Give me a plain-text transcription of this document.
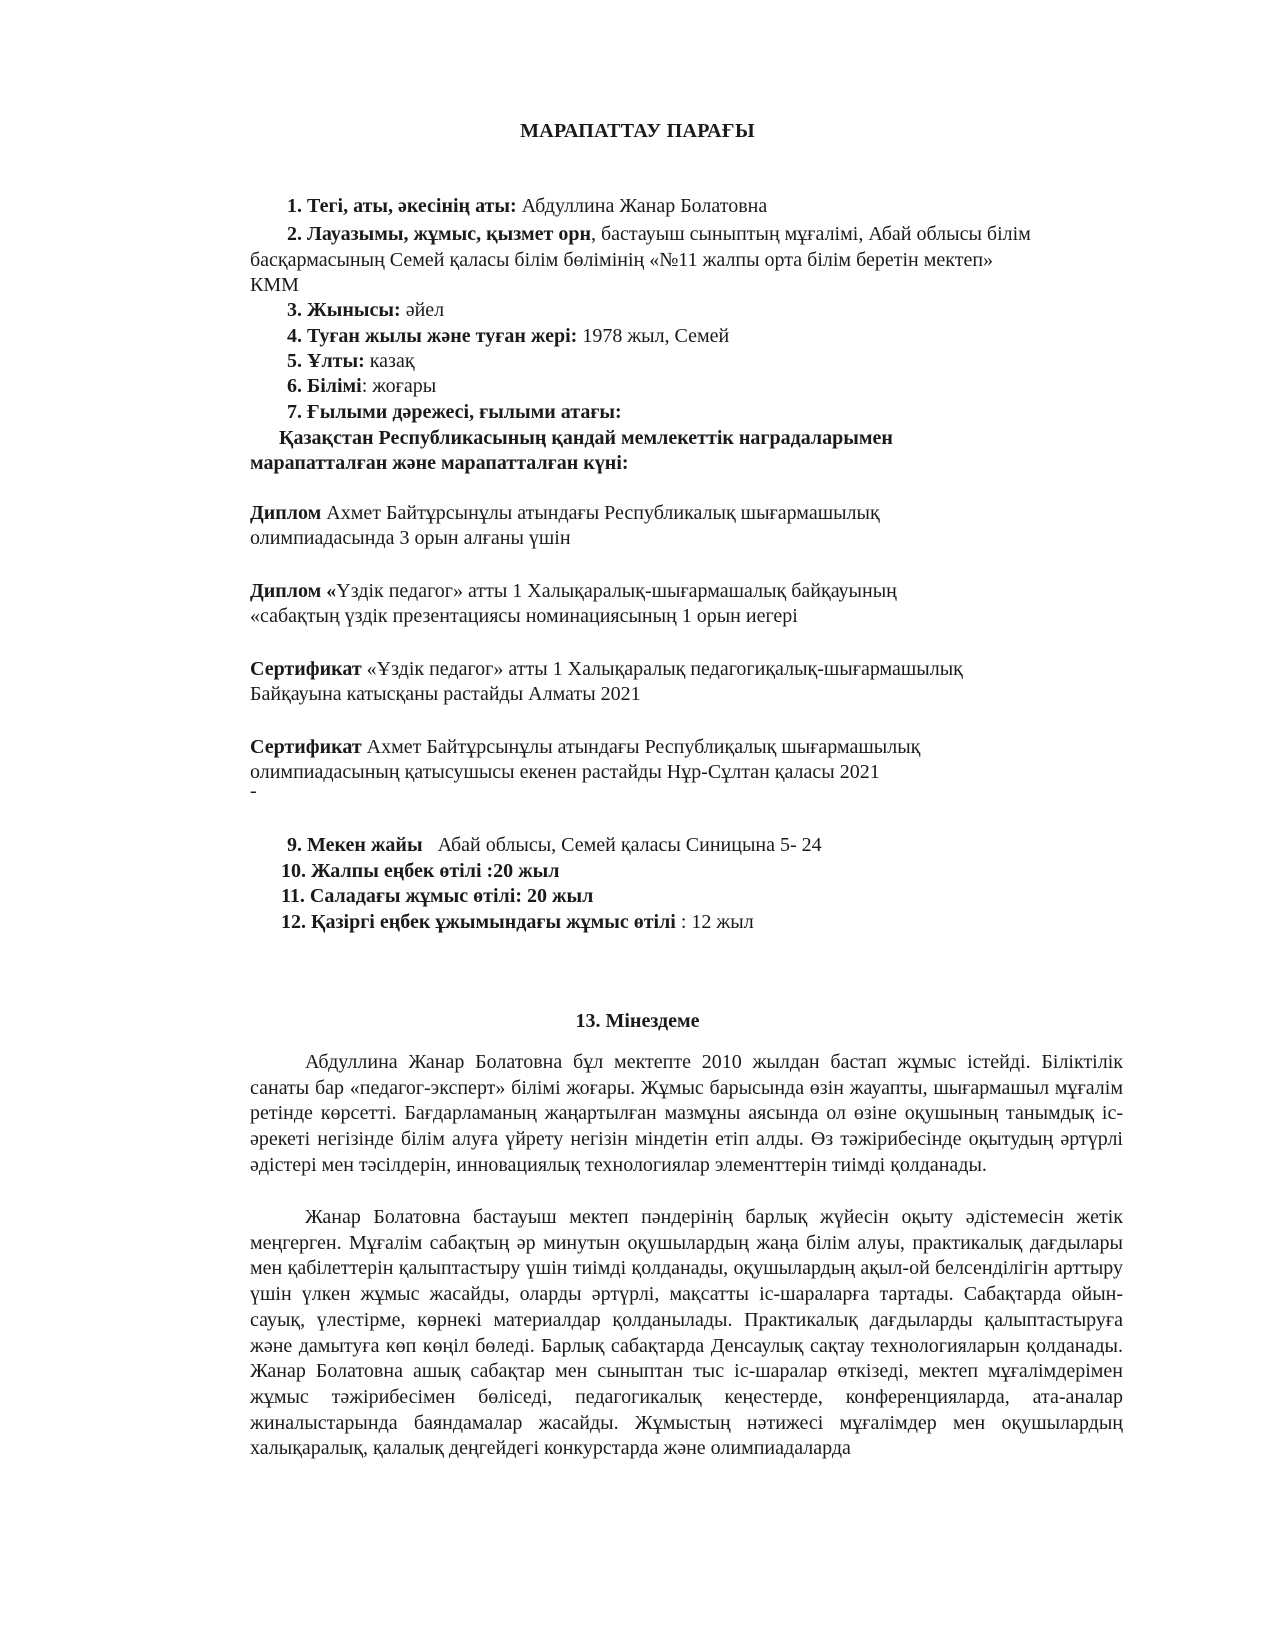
МАРАПАТТАУ ПАРАҒЫ
1. Тегі, аты, әкесінің аты: Абдуллина Жанар Болатовна
2. Лауазымы, жұмыс, қызмет орн, бастауыш сыныптың мұғалімі, Абай облысы білім
басқармасының Семей қаласы білім бөлімінің «№11 жалпы орта білім беретін мектеп»
КММ
3. Жынысы: әйел
4. Туған жылы және туған жері: 1978 жыл, Семей
5. Ұлты: казақ
6. Білімі: жоғары
7. Ғылыми дәрежесі, ғылыми атағы:
Қазақстан Республикасының қандай мемлекеттік наградаларымен
марапатталған және марапатталған күні:
Диплом Ахмет Байтұрсынұлы атындағы Республикалық шығармашылық
олимпиадасында 3 орын алғаны үшін
Диплом «Үздік педагог» атты 1 Халықаралық-шығармашалық байқауының
«сабақтың үздік презентациясы номинациясының 1 орын иегері
Сертификат «Ұздік педагог» атты 1 Халықаралық педагогиқалық-шығармашылық
Байқауына катысқаны растайды Алматы 2021
Сертификат Ахмет Байтұрсынұлы атындағы Республиқалық шығармашылық
олимпиадасының қатысушысы екенен растайды Нұр-Сұлтан қаласы 2021
-
9. Мекен жайы   Абай облысы, Семей қаласы Синицына 5- 24
10. Жалпы еңбек өтілі :20 жыл
11. Саладағы жұмыс өтілі: 20 жыл
12. Қазіргі еңбек ұжымындағы жұмыс өтілі : 12 жыл
13. Мінездеме
Абдуллина Жанар Болатовна бұл мектепте 2010 жылдан бастап жұмыс істейді. Біліктілік санаты бар «педагог-эксперт» білімі жоғары. Жұмыс барысында өзін жауапты, шығармашыл мұғалім ретінде көрсетті. Бағдарламаның жаңартылған мазмұны аясында ол өзіне оқушының танымдық іс-әрекеті негізінде білім алуға үйрету негізін міндетін етіп алды. Өз тәжірибесінде оқытудың әртүрлі әдістері мен тәсілдерін, инновациялық технологиялар элементтерін тиімді қолданады.
Жанар Болатовна бастауыш мектеп пәндерінің барлық жүйесін оқыту әдістемесін жетік меңгерген. Мұғалім сабақтың әр минутын оқушылардың жаңа білім алуы, практикалық дағдылары мен қабілеттерін қалыптастыру үшін тиімді қолданады, оқушылардың ақыл-ой белсенділігін арттыру үшін үлкен жұмыс жасайды, оларды әртүрлі, мақсатты іс-шараларға тартады. Сабақтарда ойын-сауық, үлестірме, көрнекі материалдар қолданылады. Практикалық дағдыларды қалыптастыруға және дамытуға көп көңіл бөледі. Барлық сабақтарда Денсаулық сақтау технологияларын қолданады. Жанар Болатовна ашық сабақтар мен сыныптан тыс іс-шаралар өткізеді, мектеп мұғалімдерімен жұмыс тәжірибесімен бөліседі, педагогикалық кеңестерде, конференцияларда, ата-аналар жиналыстарында баяндамалар жасайды. Жұмыстың нәтижесі мұғалімдер мен оқушылардың халықаралық, қалалық деңгейдегі конкурстарда және олимпиадаларда
